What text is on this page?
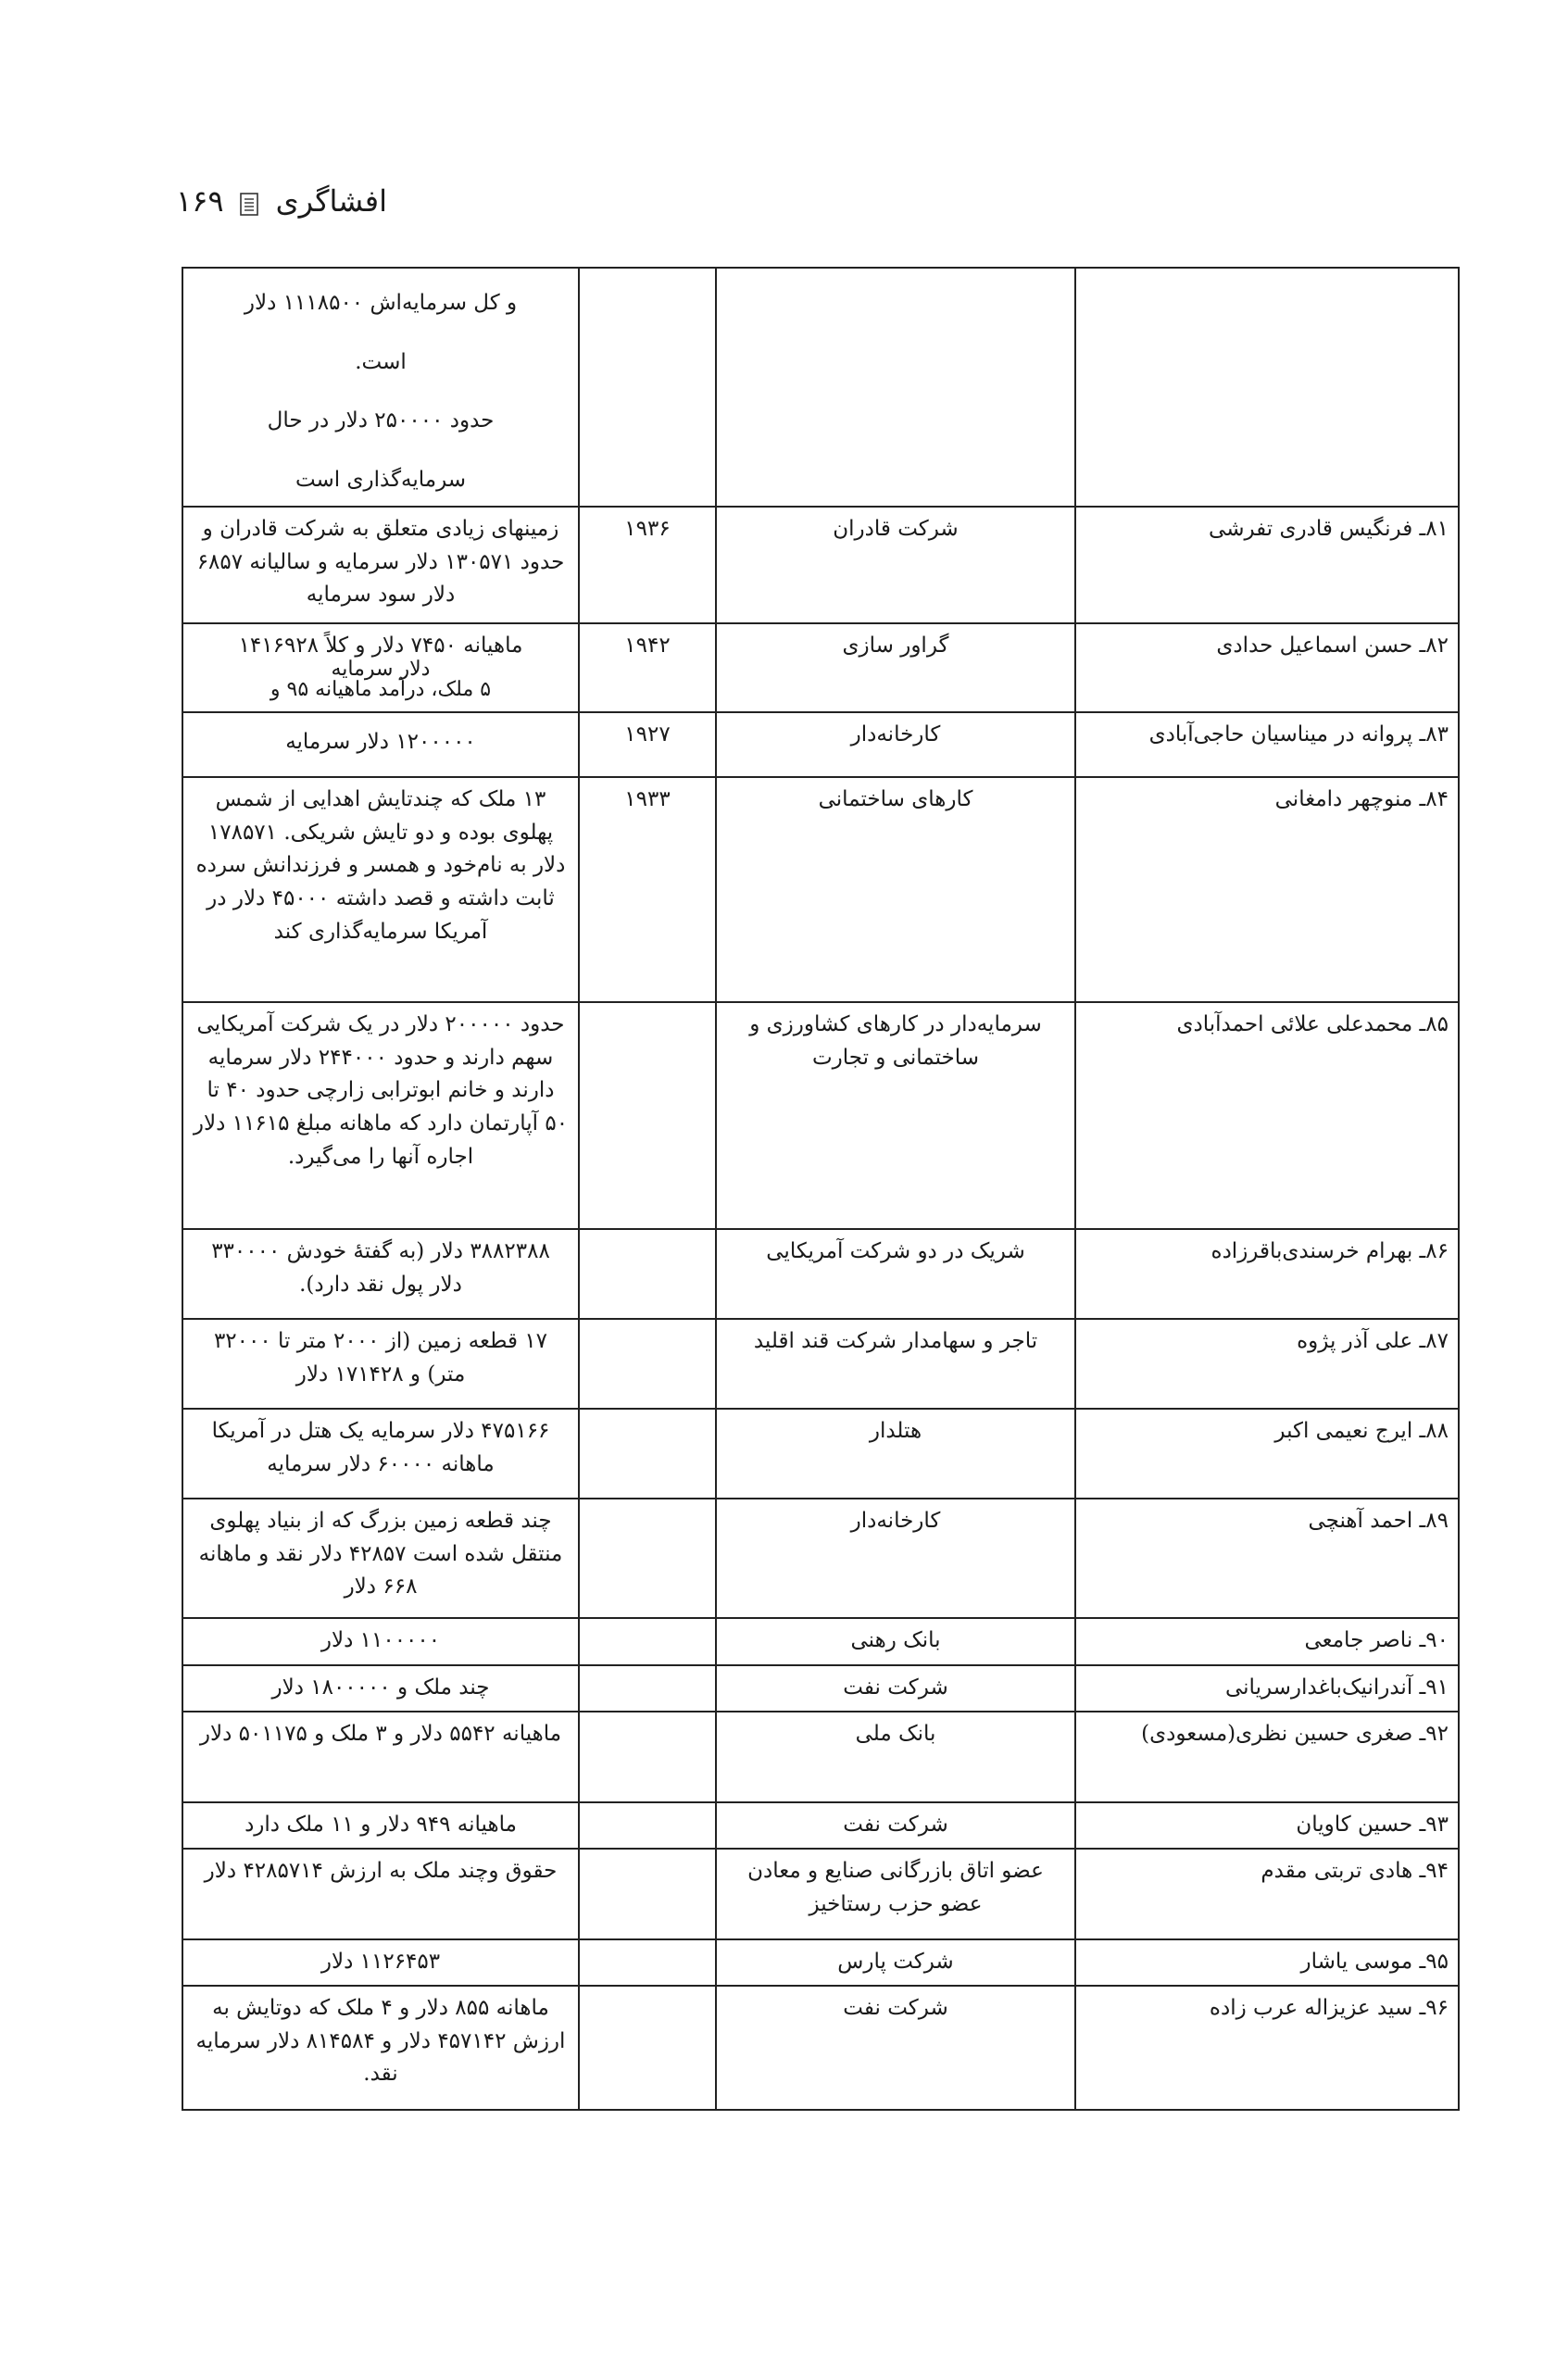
افشاگری
۱۶۹

			و کل سرمایه‌اش ۱۱۱۸۵۰۰ دلار

است.

حدود ۲۵۰۰۰۰ دلار در حال

سرمایه‌گذاری است

۸۱ـ فرنگیس قادری تفرشی	شرکت قادران	۱۹۳۶	زمینهای زیادی متعلق به شرکت قادران و حدود ۱۳۰۵۷۱ دلار سرمایه و سالیانه ۶۸۵۷ دلار سود سرمایه
۸۲ـ حسن اسماعیل حدادی	گراور سازی	۱۹۴۲	ماهیانه ۷۴۵۰ دلار و کلاً ۱۴۱۶۹۲۸
دلار سرمایه
۵ ملک، درآمد ماهیانه ۹۵ و

۸۳ـ پروانه در میناسیان حاجی‌آبادی	کارخانه‌دار	۱۹۲۷	۱۲۰۰۰۰۰ دلار سرمایه
۸۴ـ منوچهر دامغانی	کارهای ساختمانی	۱۹۳۳	۱۳ ملک که چندتایش اهدایی از شمس پهلوی بوده و دو تایش شریکی. ۱۷۸۵۷۱ دلار به نام‌خود و همسر و فرزندانش سرده ثابت داشته و قصد داشته ۴۵۰۰۰ دلار در آمریکا سرمایه‌گذاری کند
۸۵ـ محمدعلی علائی احمدآبادی	سرمایه‌دار در کارهای کشاورزی و ساختمانی و تجارت		حدود ۲۰۰۰۰۰ دلار در یک شرکت آمریکایی سهم دارند و حدود ۲۴۴۰۰۰ دلار سرمایه دارند و خانم ابوترابی زارچی حدود ۴۰ تا ۵۰ آپارتمان دارد که ماهانه مبلغ ۱۱۶۱۵ دلار اجاره آنها را می‌گیرد.
۸۶ـ بهرام خرسندی‌باقرزاده	شریک در دو شرکت آمریکایی		۳۸۸۲۳۸۸ دلار (به گفتهٔ خودش ۳۳۰۰۰۰ دلار پول نقد دارد).
۸۷ـ علی آذر پژوه	تاجر و سهامدار شرکت قند اقلید		۱۷ قطعه زمین (از ۲۰۰۰ متر تا ۳۲۰۰۰ متر) و ۱۷۱۴۲۸ دلار
۸۸ـ ایرج نعیمی اکبر	هتلدار		۴۷۵۱۶۶ دلار سرمایه یک هتل در آمریکا ماهانه ۶۰۰۰۰ دلار سرمایه
۸۹ـ احمد آهنچی	کارخانه‌دار		چند قطعه زمین بزرگ که از بنیاد پهلوی منتقل شده است ۴۲۸۵۷ دلار نقد و ماهانه ۶۶۸ دلار
۹۰ـ ناصر جامعی	بانک رهنی		۱۱۰۰۰۰۰ دلار
۹۱ـ آندرانیک‌باغدارسریانی	شرکت نفت		چند ملک و ۱۸۰۰۰۰۰ دلار
۹۲ـ صغری حسین نظری(مسعودی)	بانک ملی		ماهیانه ۵۵۴۲ دلار و ۳ ملک و ۵۰۱۱۷۵ دلار
۹۳ـ حسین کاویان	شرکت نفت		ماهیانه ۹۴۹ دلار و ۱۱ ملک دارد
۹۴ـ هادی تربتی مقدم	عضو اتاق بازرگانی صنایع و معادن عضو حزب رستاخیز		حقوق وچند ملک به ارزش ۴۲۸۵۷۱۴ دلار
۹۵ـ موسی یاشار	شرکت پارس		۱۱۲۶۴۵۳ دلار
۹۶ـ سید عزیزاله عرب زاده	شرکت نفت		ماهانه ۸۵۵ دلار و ۴ ملک که دوتایش به ارزش ۴۵۷۱۴۲ دلار و ۸۱۴۵۸۴ دلار سرمایه نقد.
